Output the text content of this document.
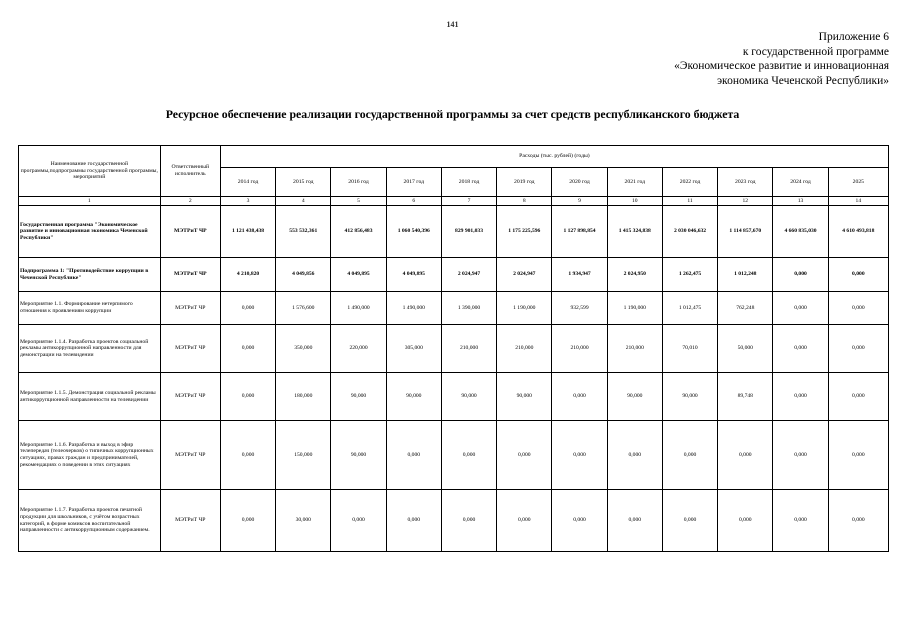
141
Приложение 6
к государственной программе
«Экономическое развитие и инновационная
экономика Чеченской Республики»
Ресурсное обеспечение реализации государственной программы за счет средств республиканского бюджета
Наименование государственной программы,подпрограммы государственной программы, мероприятий	Ответственный исполнитель	Расходы (тыс. рублей) (годы)											
		2014 год	2015 год	2016 год	2017 год	2018 год	2019 год	2020 год	2021 год	2022 год	2023 год	2024 год	2025
1	2	3	4	5	6	7	8	9	10	11	12	13	14
Государственная программа "Экономическое развитие и инновационная экономика Чеченской Республики"	МЭТРиТ ЧР	1 121 438,438	553 532,361	412 856,483	1 060 540,396	829 901,033	1 175 225,596	1 127 898,854	1 415 324,838	2 030 046,632	1 114 857,670	4 660 835,030	4 610 493,818
Подпрограмма 1: "Противодействие коррупции в Чеченской Республике"	МЭТРиТ ЧР	4 210,820	4 049,856	4 049,895	4 049,895	2 024,947	2 024,947	1 934,947	2 024,950	1 262,475	1 012,248	0,000	0,000
Мероприятие 1.1. Формирование нетерпимого отношения к проявлениям коррупции	МЭТРиТ ЧР	0,000	1 576,600	1 490,000	1 490,000	1 390,000	1 190,000	932,599	1 190,000	1 012,475	762,248	0,000	0,000
Мероприятие 1.1.4. Разработка проектов социальной рекламы антикоррупционной направленности для демонстрации на телевидении	МЭТРиТ ЧР	0,000	350,000	220,000	305,000	210,000	210,000	210,000	210,000	70,010	50,000	0,000	0,000
Мероприятие 1.1.5. Демонстрация социальной рекламы антикоррупционной направленности на телевидении	МЭТРиТ ЧР	0,000	180,000	90,000	90,000	90,000	90,000	0,000	90,000	90,000	89,748	0,000	0,000
Мероприятие 1.1.6. Разработка и выход в эфир телепередач (телеочерков) о типичных коррупционных ситуациях, правах граждан и предпринимателей, рекомендациях о поведении в этих ситуациях	МЭТРиТ ЧР	0,000	150,000	90,000	0,000	0,000	0,000	0,000	0,000	0,000	0,000	0,000	0,000
Мероприятие 1.1.7. Разработка проектов печатной продукции для школьников, с учётом возрастных категорий, в форме комиксов воспитательной направленности с антикоррупционным содержанием.	МЭТРиТ ЧР	0,000	30,000	0,000	0,000	0,000	0,000	0,000	0,000	0,000	0,000	0,000	0,000
